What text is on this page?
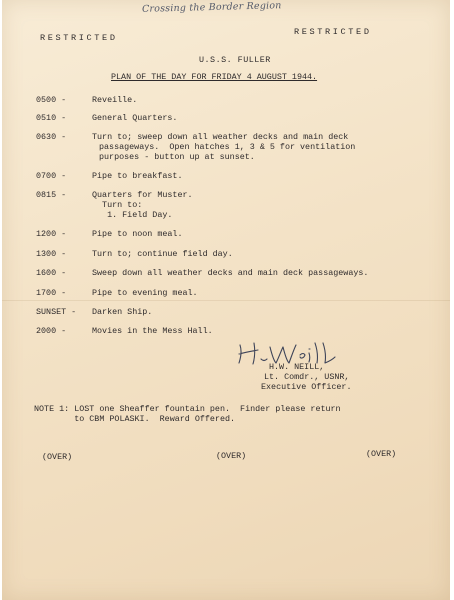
Crossing the Border Region
RESTRICTED
RESTRICTED
U.S.S. FULLER
PLAN OF THE DAY FOR FRIDAY 4 AUGUST 1944.
0500 -	Reveille.
0510 -	General Quarters.
0630 -	Turn to; sweep down all weather decks and main deck
passageways.  Open hatches 1, 3 & 5 for ventilation
purposes - button up at sunset.
0700 -	Pipe to breakfast.
0815 -	Quarters for Muster.
Turn to:
1. Field Day.
1200 -	Pipe to noon meal.
1300 -	Turn to; continue field day.
1600 -	Sweep down all weather decks and main deck passageways.
1700 -	Pipe to evening meal.
SUNSET -	Darken Ship.
2000 -	Movies in the Mess Hall.
H.W. NEILL,
Lt. Comdr., USNR,
Executive Officer.
NOTE 1: LOST one Sheaffer fountain pen.  Finder please return
to CBM POLASKI.  Reward Offered.
(OVER)	(OVER)	(OVER)
